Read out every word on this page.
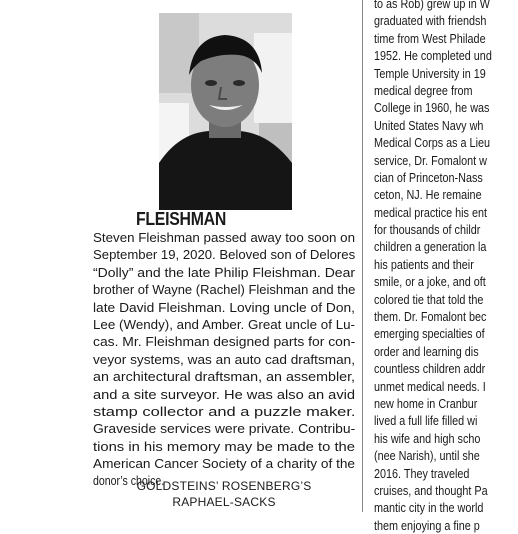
FLEISHMAN
Steven Fleishman passed away too soon on
September 19, 2020. Beloved son of Delores
“Dolly” and the late Philip Fleishman. Dear
brother of Wayne (Rachel) Fleishman and the
late David Fleishman. Loving uncle of Don,
Lee (Wendy), and Amber. Great uncle of Lu-
cas. Mr. Fleishman designed parts for con-
veyor systems, was an auto cad draftsman,
an architectural draftsman, an assembler,
and a site surveyor. He was also an avid
stamp collector and a puzzle maker.
Graveside services were private. Contribu-
tions in his memory may be made to the
American Cancer Society of a charity of the
donor’s choice.
GOLDSTEINS’ ROSENBERG’S
RAPHAEL-SACKS
to as Rob) grew up in W
graduated with friendsh
time from West Philade
1952. He completed und
Temple University in 19
medical degree from
College in 1960, he was
United States Navy wh
Medical Corps as a Lieu
service, Dr. Fomalont w
cian of Princeton-Nass
ceton, NJ. He remaine
medical practice his ent
for thousands of childr
children a generation la
his patients and their
smile, or a joke, and oft
colored tie that told the
them. Dr. Fomalont bec
emerging specialties of
order and learning dis
countless children addr
unmet medical needs. I
new home in Cranbur
lived a full life filled wi
his wife and high scho
(nee Narish), until she
2016. They traveled
cruises, and thought Pa
mantic city in the world
them enjoying a fine p
